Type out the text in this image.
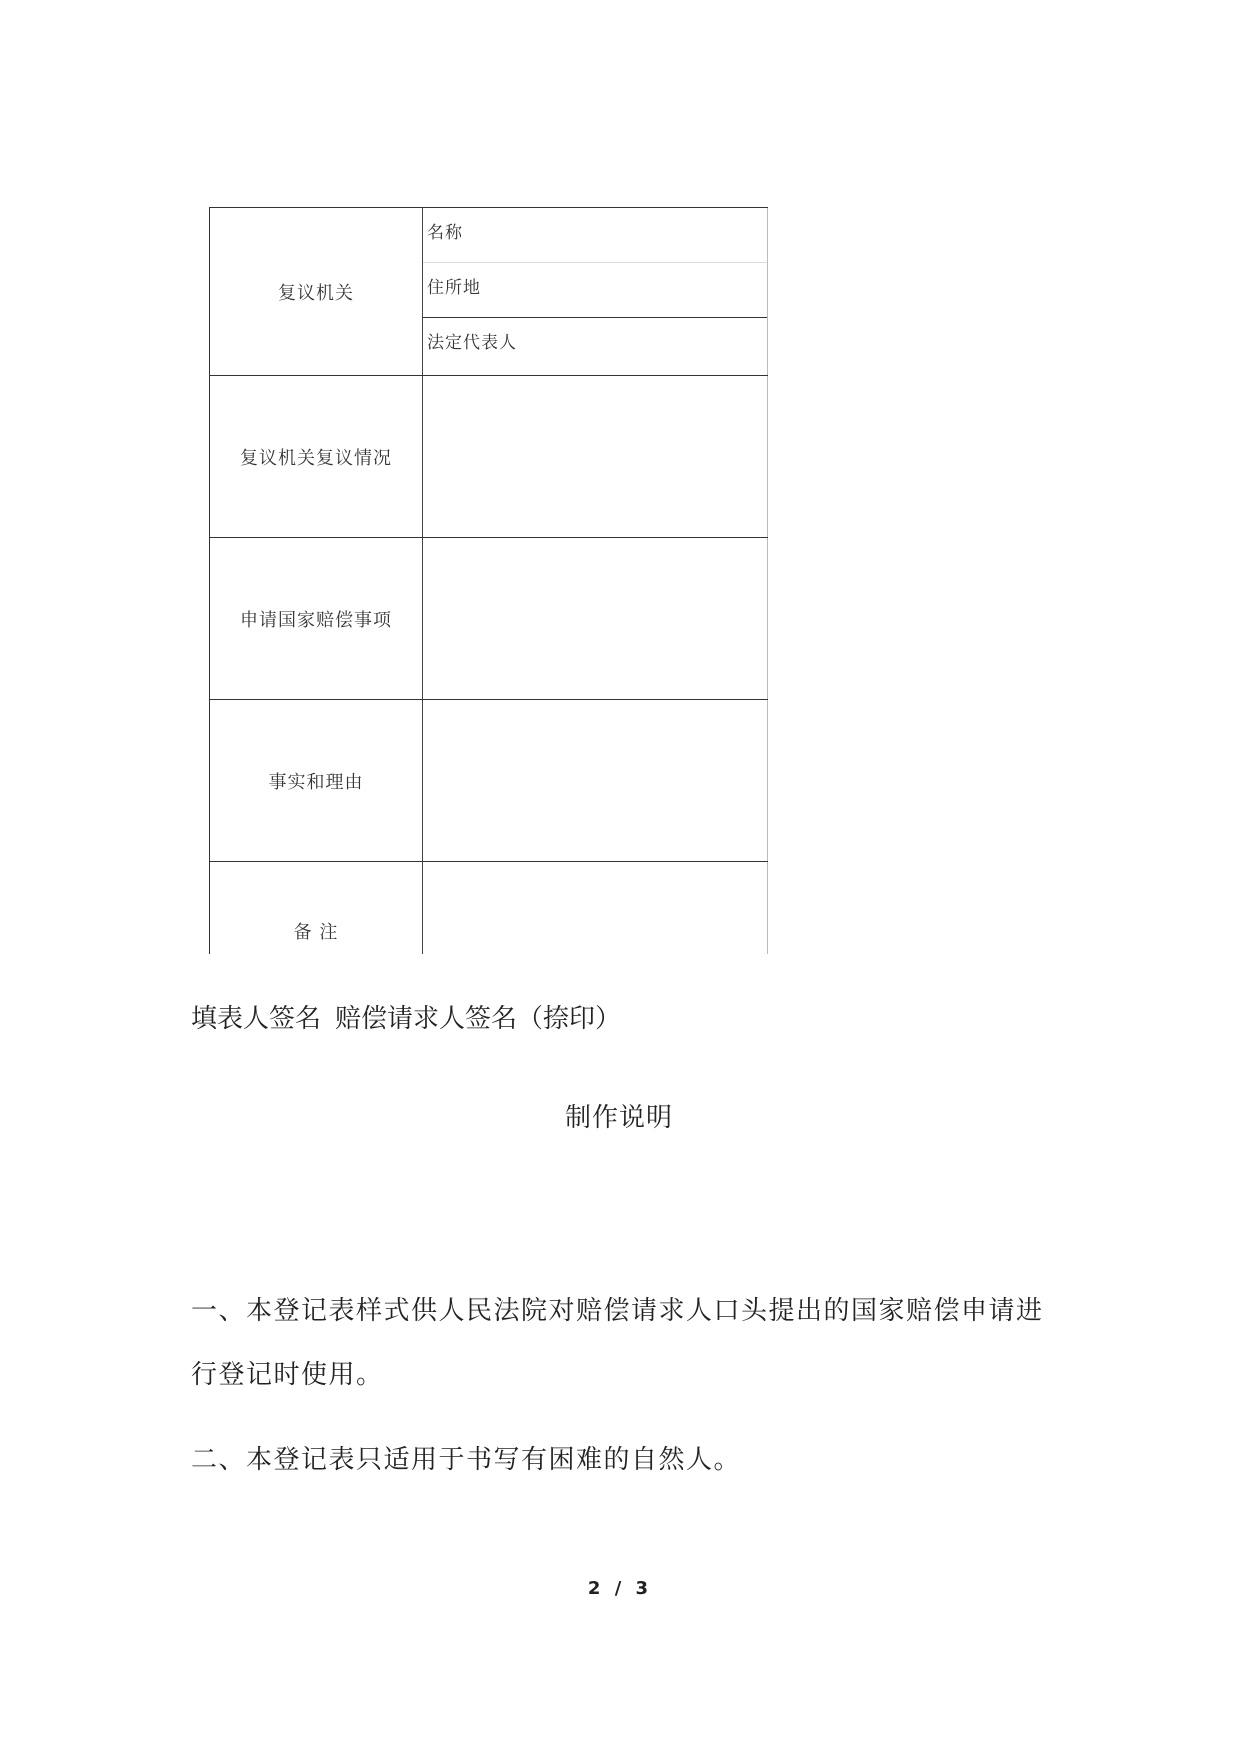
复议机关
名称
住所地
法定代表人
复议机关复议情况
申请国家赔偿事项
事实和理由
备 注
填表人签名 赔偿请求人签名（捺印）
制作说明
一、本登记表样式供人民法院对赔偿请求人口头提出的国家赔偿申请进行登记时使用。
二、本登记表只适用于书写有困难的自然人。
2 / 3
